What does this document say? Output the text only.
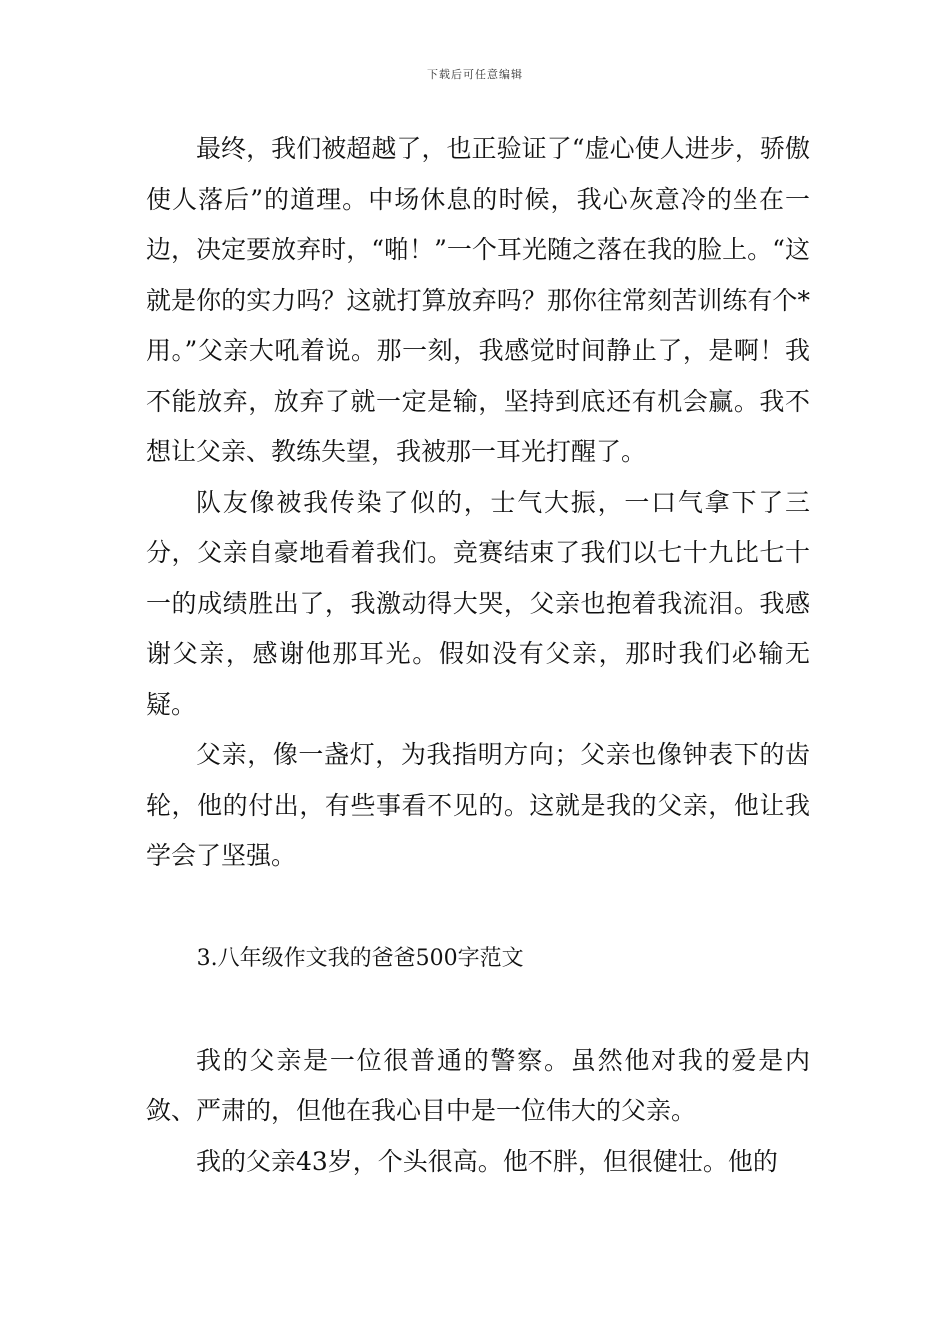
下载后可任意编辑

最终，我们被超越了，也正验证了“虚心使人进步，骄傲使人落后”的道理。中场休息的时候，我心灰意冷的坐在一边，决定要放弃时，“啪！”一个耳光随之落在我的脸上。“这就是你的实力吗？这就打算放弃吗？那你往常刻苦训练有个*用。”父亲大吼着说。那一刻，我感觉时间静止了，是啊！我不能放弃，放弃了就一定是输，坚持到底还有机会赢。我不想让父亲、教练失望，我被那一耳光打醒了。

队友像被我传染了似的，士气大振，一口气拿下了三分，父亲自豪地看着我们。竞赛结束了我们以七十九比七十一的成绩胜出了，我激动得大哭，父亲也抱着我流泪。我感谢父亲，感谢他那耳光。假如没有父亲，那时我们必输无疑。

父亲，像一盏灯，为我指明方向；父亲也像钟表下的齿轮，他的付出，有些事看不见的。这就是我的父亲，他让我学会了坚强。

3.八年级作文我的爸爸500字范文

我的父亲是一位很普通的警察。虽然他对我的爱是内敛、严肃的，但他在我心目中是一位伟大的父亲。

我的父亲43岁，个头很高。他不胖，但很健壮。他的
